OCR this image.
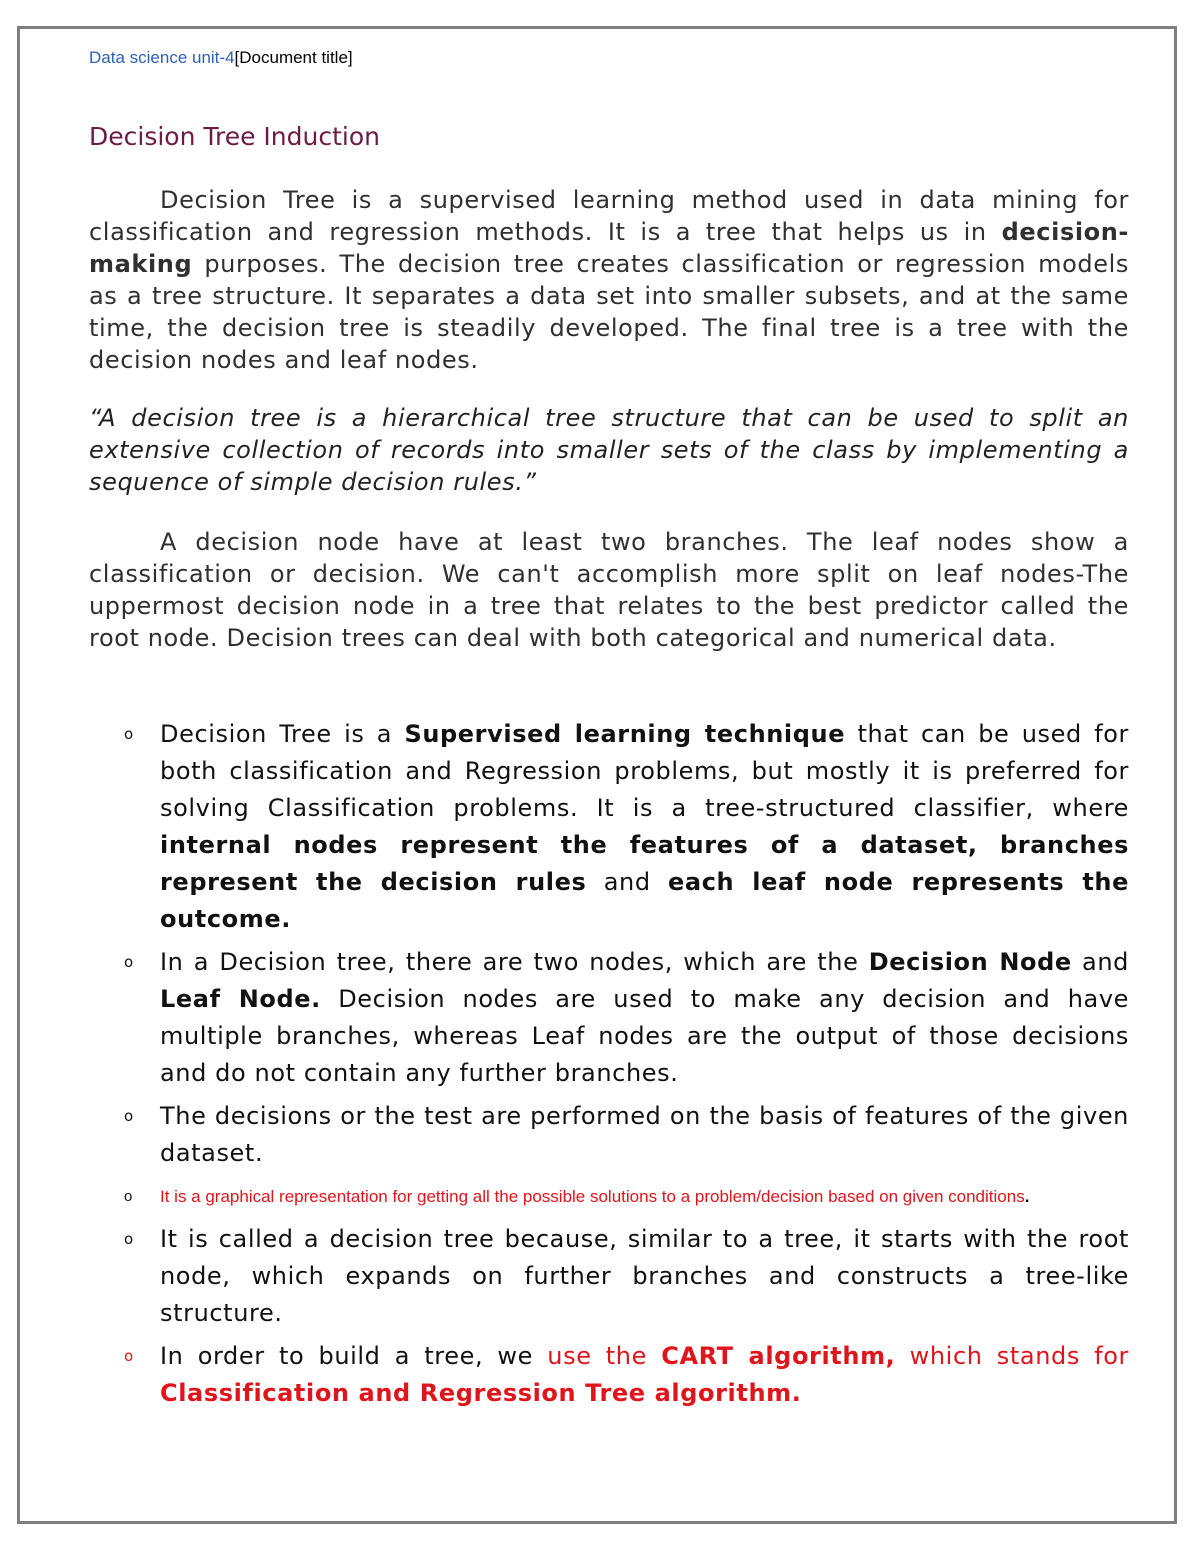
Data science unit-4[Document title]
Decision Tree Induction

Decision Tree is a supervised learning method used in data mining for classification and regression methods. It is a tree that helps us in decision-making purposes. The decision tree creates classification or regression models as a tree structure. It separates a data set into smaller subsets, and at the same time, the decision tree is steadily developed. The final tree is a tree with the decision nodes and leaf nodes.

“A decision tree is a hierarchical tree structure that can be used to split an extensive collection of records into smaller sets of the class by implementing a sequence of simple decision rules.”

A decision node have at least two branches. The leaf nodes show a classification or decision. We can't accomplish more split on leaf nodes-The uppermost decision node in a tree that relates to the best predictor called the root node. Decision trees can deal with both categorical and numerical data.

o Decision Tree is a Supervised learning technique that can be used for both classification and Regression problems, but mostly it is preferred for solving Classification problems. It is a tree-structured classifier, where internal nodes represent the features of a dataset, branches represent the decision rules and each leaf node represents the outcome.
o In a Decision tree, there are two nodes, which are the Decision Node and Leaf Node. Decision nodes are used to make any decision and have multiple branches, whereas Leaf nodes are the output of those decisions and do not contain any further branches.
o The decisions or the test are performed on the basis of features of the given dataset.
o It is a graphical representation for getting all the possible solutions to a problem/decision based on given conditions.
o It is called a decision tree because, similar to a tree, it starts with the root node, which expands on further branches and constructs a tree-like structure.
o In order to build a tree, we use the CART algorithm, which stands for Classification and Regression Tree algorithm.
